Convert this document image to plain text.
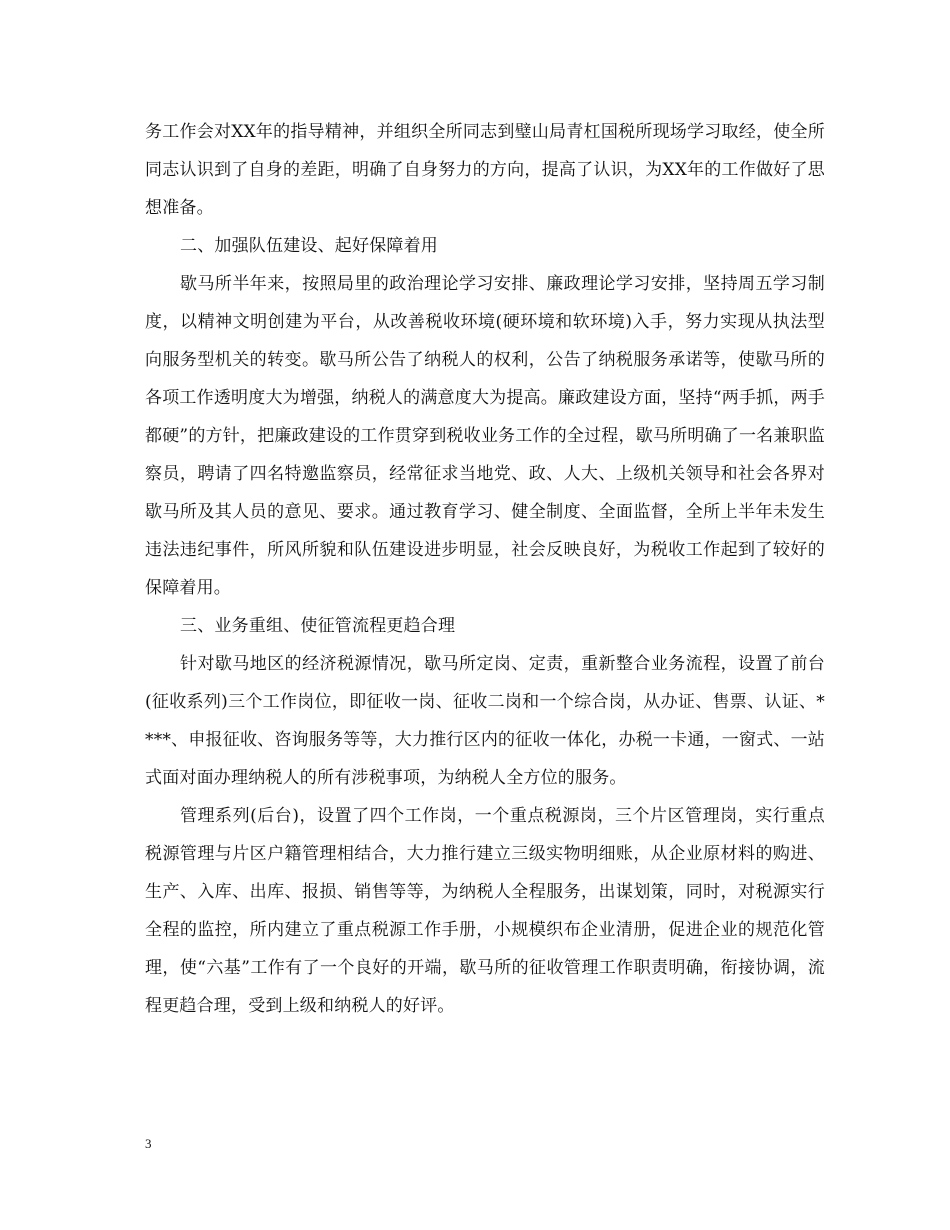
务工作会对XX年的指导精神，并组织全所同志到璧山局青杠国税所现场学习取经，使全所同志认识到了自身的差距，明确了自身努力的方向，提高了认识，为XX年的工作做好了思想准备。

二、加强队伍建设、起好保障着用

歇马所半年来，按照局里的政治理论学习安排、廉政理论学习安排，坚持周五学习制度，以精神文明创建为平台，从改善税收环境(硬环境和软环境)入手，努力实现从执法型向服务型机关的转变。歇马所公告了纳税人的权利，公告了纳税服务承诺等，使歇马所的各项工作透明度大为增强，纳税人的满意度大为提高。廉政建设方面，坚持“两手抓，两手都硬”的方针，把廉政建设的工作贯穿到税收业务工作的全过程，歇马所明确了一名兼职监察员，聘请了四名特邀监察员，经常征求当地党、政、人大、上级机关领导和社会各界对歇马所及其人员的意见、要求。通过教育学习、健全制度、全面监督，全所上半年未发生违法违纪事件，所风所貌和队伍建设进步明显，社会反映良好，为税收工作起到了较好的保障着用。

三、业务重组、使征管流程更趋合理

针对歇马地区的经济税源情况，歇马所定岗、定责，重新整合业务流程，设置了前台(征收系列)三个工作岗位，即征收一岗、征收二岗和一个综合岗，从办证、售票、认证、****、申报征收、咨询服务等等，大力推行区内的征收一体化，办税一卡通，一窗式、一站式面对面办理纳税人的所有涉税事项，为纳税人全方位的服务。

管理系列(后台)，设置了四个工作岗，一个重点税源岗，三个片区管理岗，实行重点税源管理与片区户籍管理相结合，大力推行建立三级实物明细账，从企业原材料的购进、生产、入库、出库、报损、销售等等，为纳税人全程服务，出谋划策，同时，对税源实行全程的监控，所内建立了重点税源工作手册，小规模织布企业清册，促进企业的规范化管理，使“六基”工作有了一个良好的开端，歇马所的征收管理工作职责明确，衔接协调，流程更趋合理，受到上级和纳税人的好评。

3
